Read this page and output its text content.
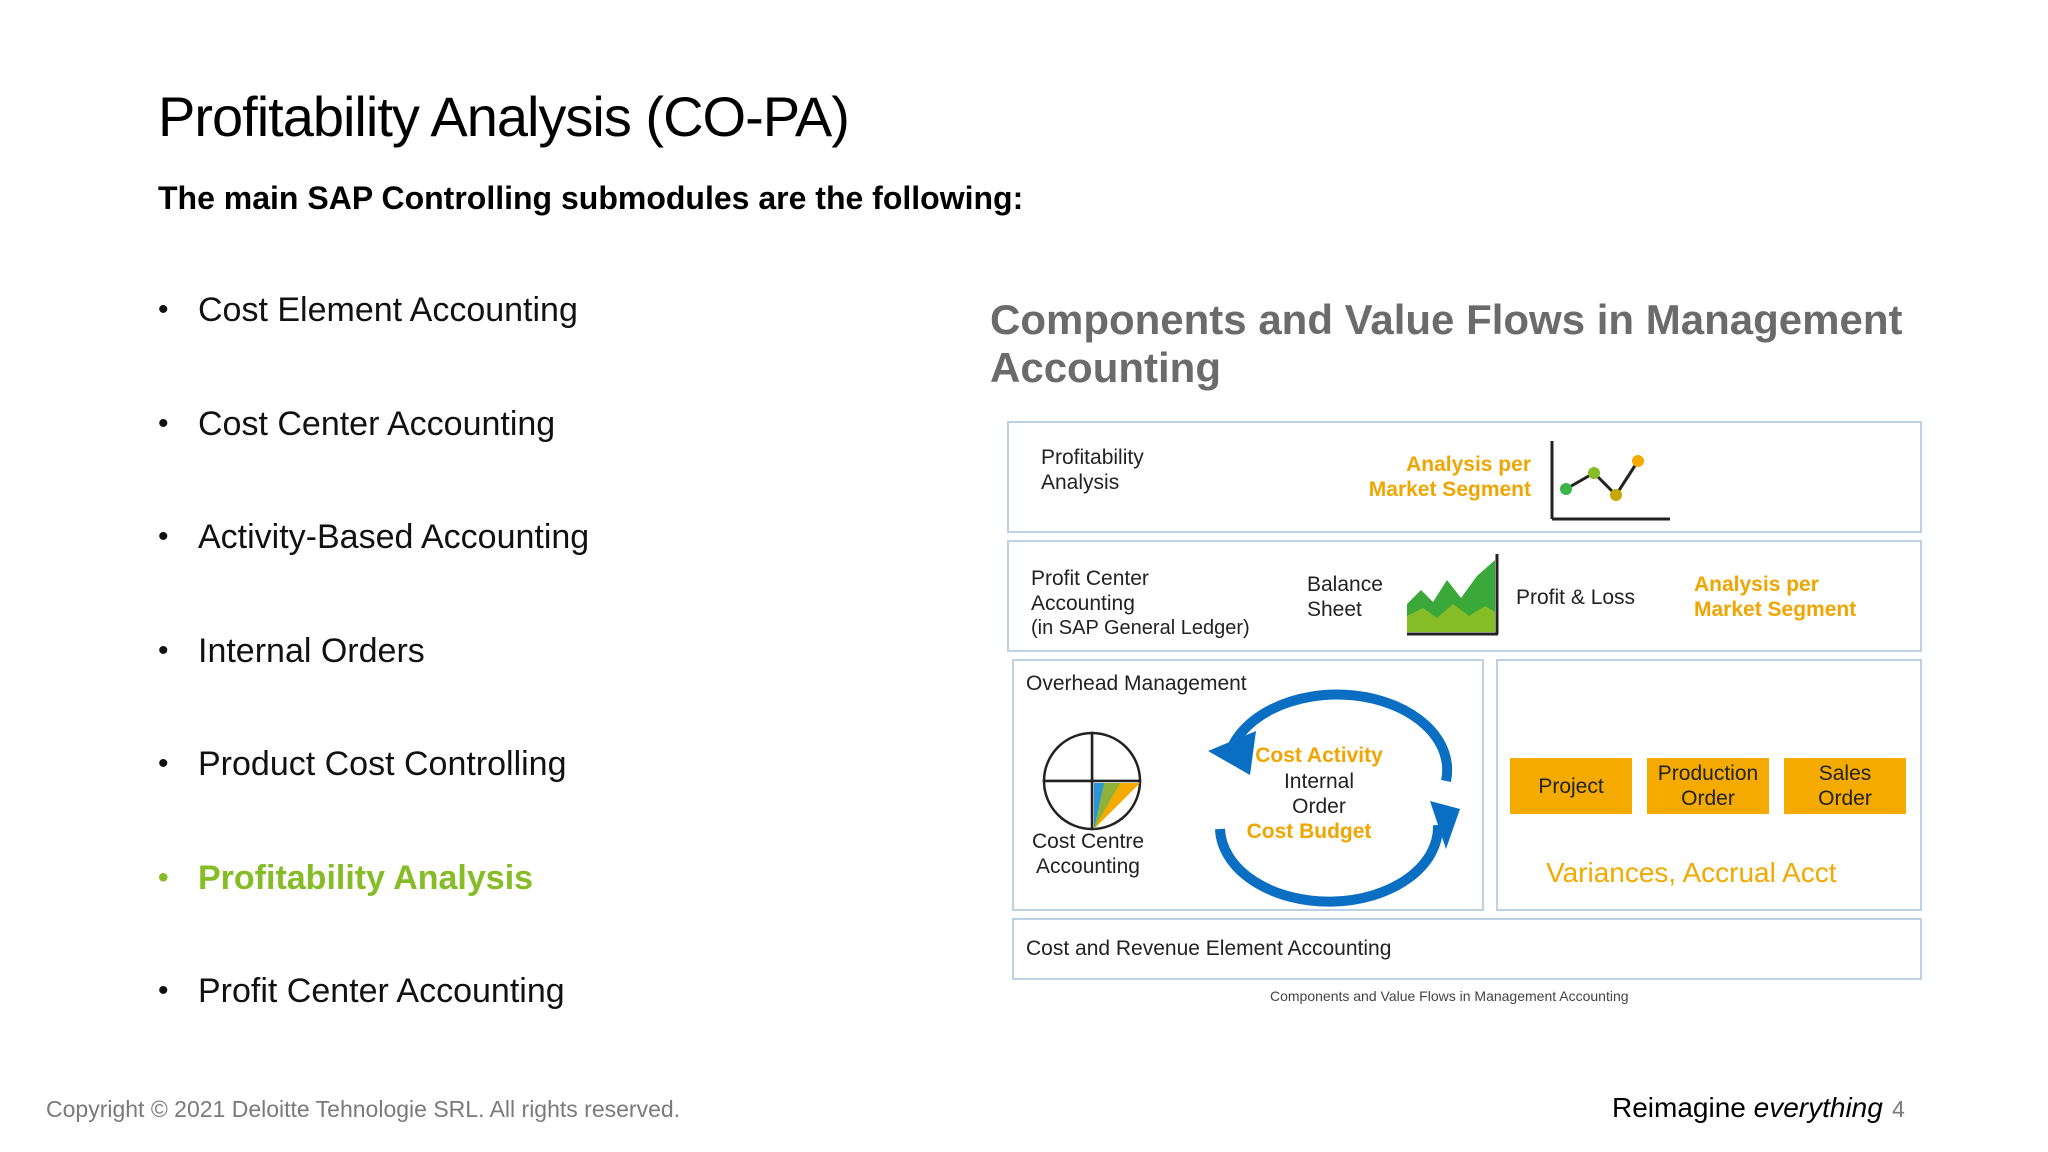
Profitability Analysis (CO-PA)

The main SAP Controlling submodules are the following:

• Cost Element Accounting
• Cost Center Accounting
• Activity-Based Accounting
• Internal Orders
• Product Cost Controlling
• Profitability Analysis
• Profit Center Accounting
Components and Value Flows in Management Accounting
Profitability
Analysis
Analysis per
Market Segment
Profit Center
Accounting
(in SAP General Ledger)
Balance
Sheet
Profit & Loss
Analysis per
Market Segment
Overhead Management
Cost Centre
Accounting
Cost Activity
Internal
Order
Cost Budget
Project
Production
Order
Sales
Order
Variances, Accrual Acct
Cost and Revenue Element Accounting
Components and Value Flows in Management Accounting
Copyright © 2021 Deloitte Tehnologie SRL. All rights reserved.	Reimagine everything 4
